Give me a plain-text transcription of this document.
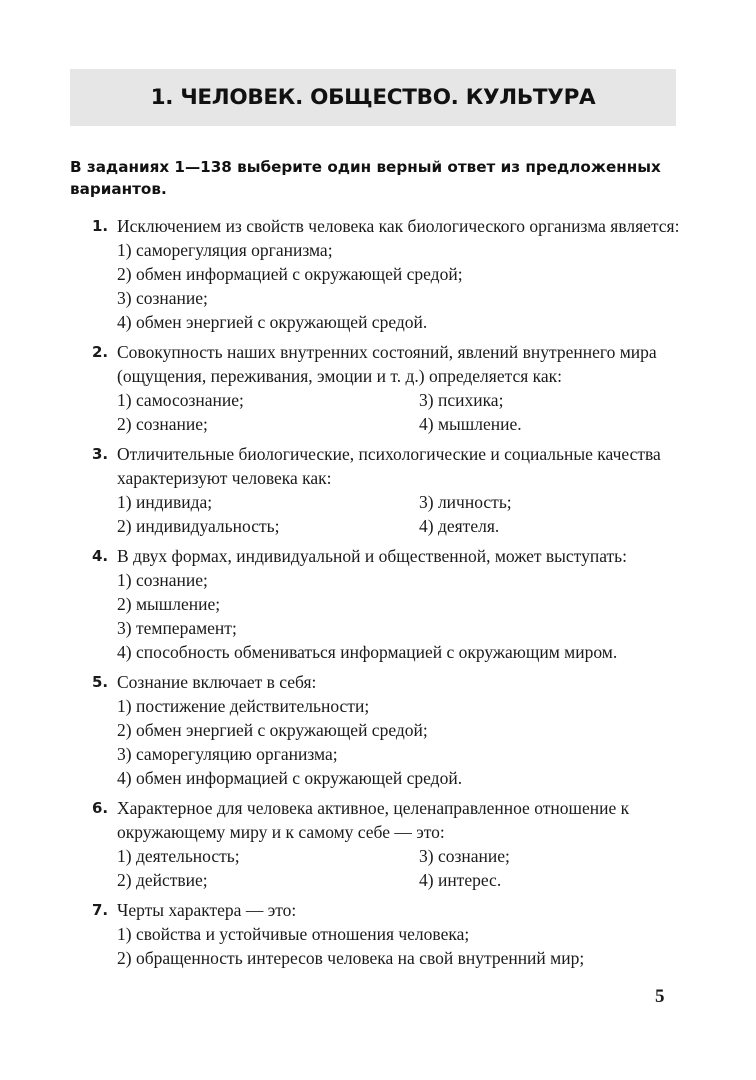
1. ЧЕЛОВЕК. ОБЩЕСТВО. КУЛЬТУРА
В заданиях 1—138 выберите один верный ответ из предложенных вариантов.
1. Исключением из свойств человека как биологического организма является:
1) саморегуляция организма;
2) обмен информацией с окружающей средой;
3) сознание;
4) обмен энергией с окружающей средой.
2. Совокупность наших внутренних состояний, явлений внутреннего мира (ощущения, переживания, эмоции и т. д.) определяется как:
1) самосознание;	3) психика;
2) сознание;	4) мышление.
3. Отличительные биологические, психологические и социальные качества характеризуют человека как:
1) индивида;	3) личность;
2) индивидуальность;	4) деятеля.
4. В двух формах, индивидуальной и общественной, может выступать:
1) сознание;
2) мышление;
3) темперамент;
4) способность обмениваться информацией с окружающим миром.
5. Сознание включает в себя:
1) постижение действительности;
2) обмен энергией с окружающей средой;
3) саморегуляцию организма;
4) обмен информацией с окружающей средой.
6. Характерное для человека активное, целенаправленное отношение к окружающему миру и к самому себе — это:
1) деятельность;	3) сознание;
2) действие;	4) интерес.
7. Черты характера — это:
1) свойства и устойчивые отношения человека;
2) обращенность интересов человека на свой внутренний мир;
5
